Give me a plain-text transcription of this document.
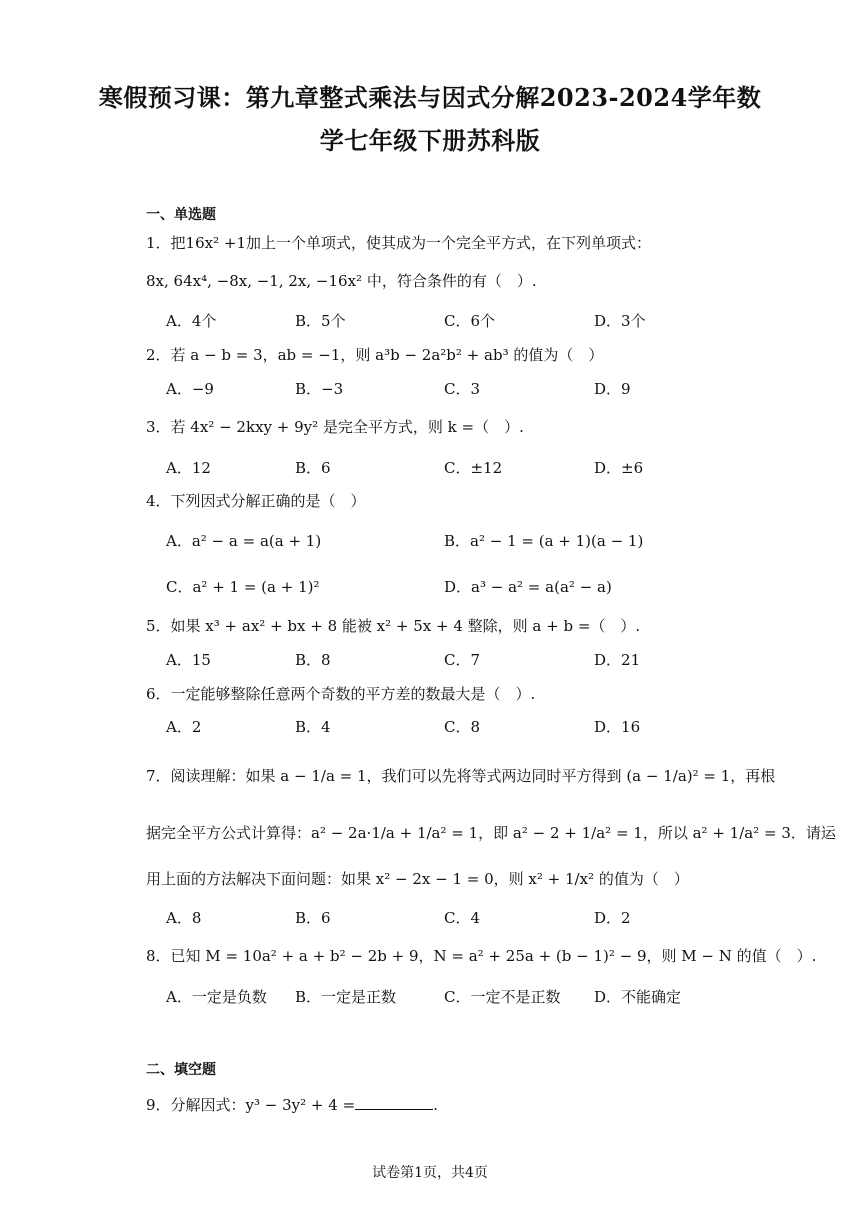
寒假预习课：第九章整式乘法与因式分解2023-2024学年数
学七年级下册苏科版
一、单选题
1．把16x² +1加上一个单项式，使其成为一个完全平方式，在下列单项式：
8x, 64x⁴, −8x, −1, 2x, −16x² 中，符合条件的有（　）.
A．4个	B．5个	C．6个	D．3个
2．若 a − b = 3，ab = −1，则 a³b − 2a²b² + ab³ 的值为（　）
A．−9	B．−3	C．3	D．9
3．若 4x² − 2kxy + 9y² 是完全平方式，则 k =（　）.
A．12	B．6	C．±12	D．±6
4．下列因式分解正确的是（　）
A．a² − a = a(a + 1)	B．a² − 1 = (a + 1)(a − 1)
C．a² + 1 = (a + 1)²	D．a³ − a² = a(a² − a)
5．如果 x³ + ax² + bx + 8 能被 x² + 5x + 4 整除，则 a + b =（　）.
A．15	B．8	C．7	D．21
6．一定能够整除任意两个奇数的平方差的数最大是（　）.
A．2	B．4	C．8	D．16
7．阅读理解：如果 a − 1/a = 1，我们可以先将等式两边同时平方得到 (a − 1/a)² = 1，再根
据完全平方公式计算得：a² − 2a·1/a + 1/a² = 1，即 a² − 2 + 1/a² = 1，所以 a² + 1/a² = 3．请运
用上面的方法解决下面问题：如果 x² − 2x − 1 = 0，则 x² + 1/x² 的值为（　）
A．8	B．6	C．4	D．2
8．已知 M = 10a² + a + b² − 2b + 9，N = a² + 25a + (b − 1)² − 9，则 M − N 的值（　）.
A．一定是负数 B．一定是正数	C．一定不是正数 D．不能确定
二、填空题
9．分解因式：y³ − 3y² + 4 =	.
试卷第1页，共4页
